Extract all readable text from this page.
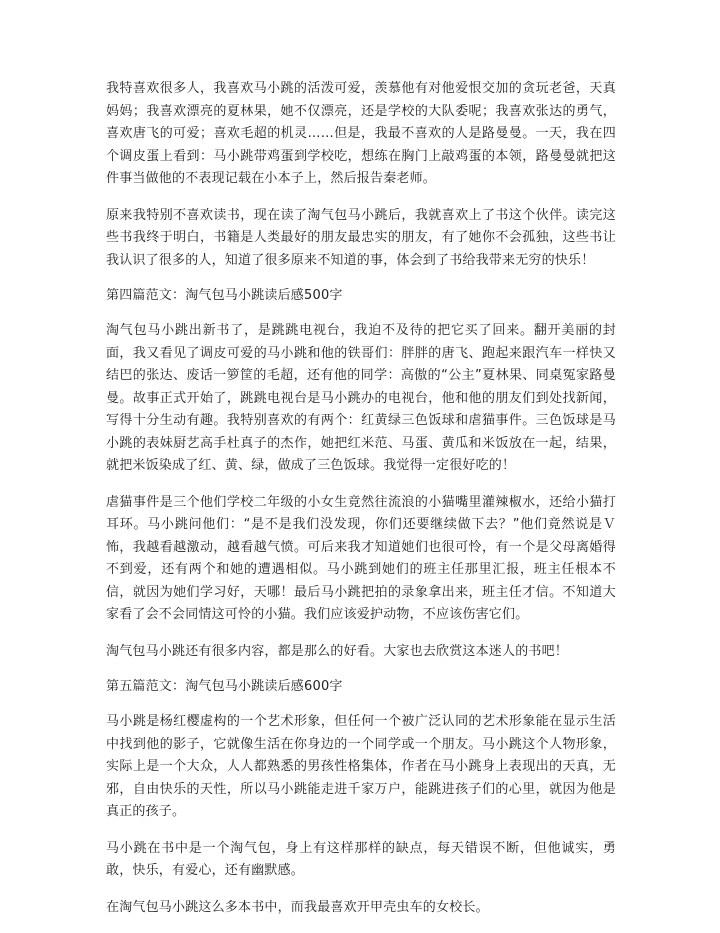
我特喜欢很多人，我喜欢马小跳的活泼可爱，羡慕他有对他爱恨交加的贪玩老爸，天真妈妈；我喜欢漂亮的夏林果，她不仅漂亮，还是学校的大队委呢；我喜欢张达的勇气，喜欢唐飞的可爱；喜欢毛超的机灵……但是，我最不喜欢的人是路曼曼。一天，我在四个调皮蛋上看到：马小跳带鸡蛋到学校吃，想练在胸门上敲鸡蛋的本领，路曼曼就把这件事当做他的不表现记载在小本子上，然后报告秦老师。

原来我特别不喜欢读书，现在读了淘气包马小跳后，我就喜欢上了书这个伙伴。读完这些书我终于明白，书籍是人类最好的朋友最忠实的朋友，有了她你不会孤独，这些书让我认识了很多的人，知道了很多原来不知道的事，体会到了书给我带来无穷的快乐！

第四篇范文：淘气包马小跳读后感500字

淘气包马小跳出新书了，是跳跳电视台，我迫不及待的把它买了回来。翻开美丽的封面，我又看见了调皮可爱的马小跳和他的铁哥们：胖胖的唐飞、跑起来跟汽车一样快又结巴的张达、废话一箩筐的毛超，还有他的同学：高傲的“公主”夏林果、同桌冤家路曼曼。故事正式开始了，跳跳电视台是马小跳办的电视台，他和他的朋友们到处找新闻，写得十分生动有趣。我特别喜欢的有两个：红黄绿三色饭球和虐猫事件。三色饭球是马小跳的表妹厨艺高手杜真子的杰作，她把红米范、马蛋、黄瓜和米饭放在一起，结果，就把米饭染成了红、黄、绿，做成了三色饭球。我觉得一定很好吃的！

虐猫事件是三个他们学校二年级的小女生竟然往流浪的小猫嘴里灌辣椒水，还给小猫打耳环。马小跳问他们：“是不是我们没发现，你们还要继续做下去？”他们竟然说是Ｖ怖，我越看越激动，越看越气愤。可后来我才知道她们也很可怜，有一个是父母离婚得不到爱，还有两个和她的遭遇相似。马小跳到她们的班主任那里汇报，班主任根本不信，就因为她们学习好，天哪！最后马小跳把拍的录象拿出来，班主任才信。不知道大家看了会不会同情这可怜的小猫。我们应该爱护动物，不应该伤害它们。

淘气包马小跳还有很多内容，都是那么的好看。大家也去欣赏这本迷人的书吧！

第五篇范文：淘气包马小跳读后感600字

马小跳是杨红樱虚构的一个艺术形象，但任何一个被广泛认同的艺术形象能在显示生活中找到他的影子，它就像生活在你身边的一个同学或一个朋友。马小跳这个人物形象，实际上是一个大众，人人都熟悉的男孩性格集体，作者在马小跳身上表现出的天真，无邪，自由快乐的天性，所以马小跳能走进千家万户，能跳进孩子们的心里，就因为他是真正的孩子。

马小跳在书中是一个淘气包，身上有这样那样的缺点，每天错误不断，但他诚实，勇敢，快乐，有爱心，还有幽默感。

在淘气包马小跳这么多本书中，而我最喜欢开甲壳虫车的女校长。
